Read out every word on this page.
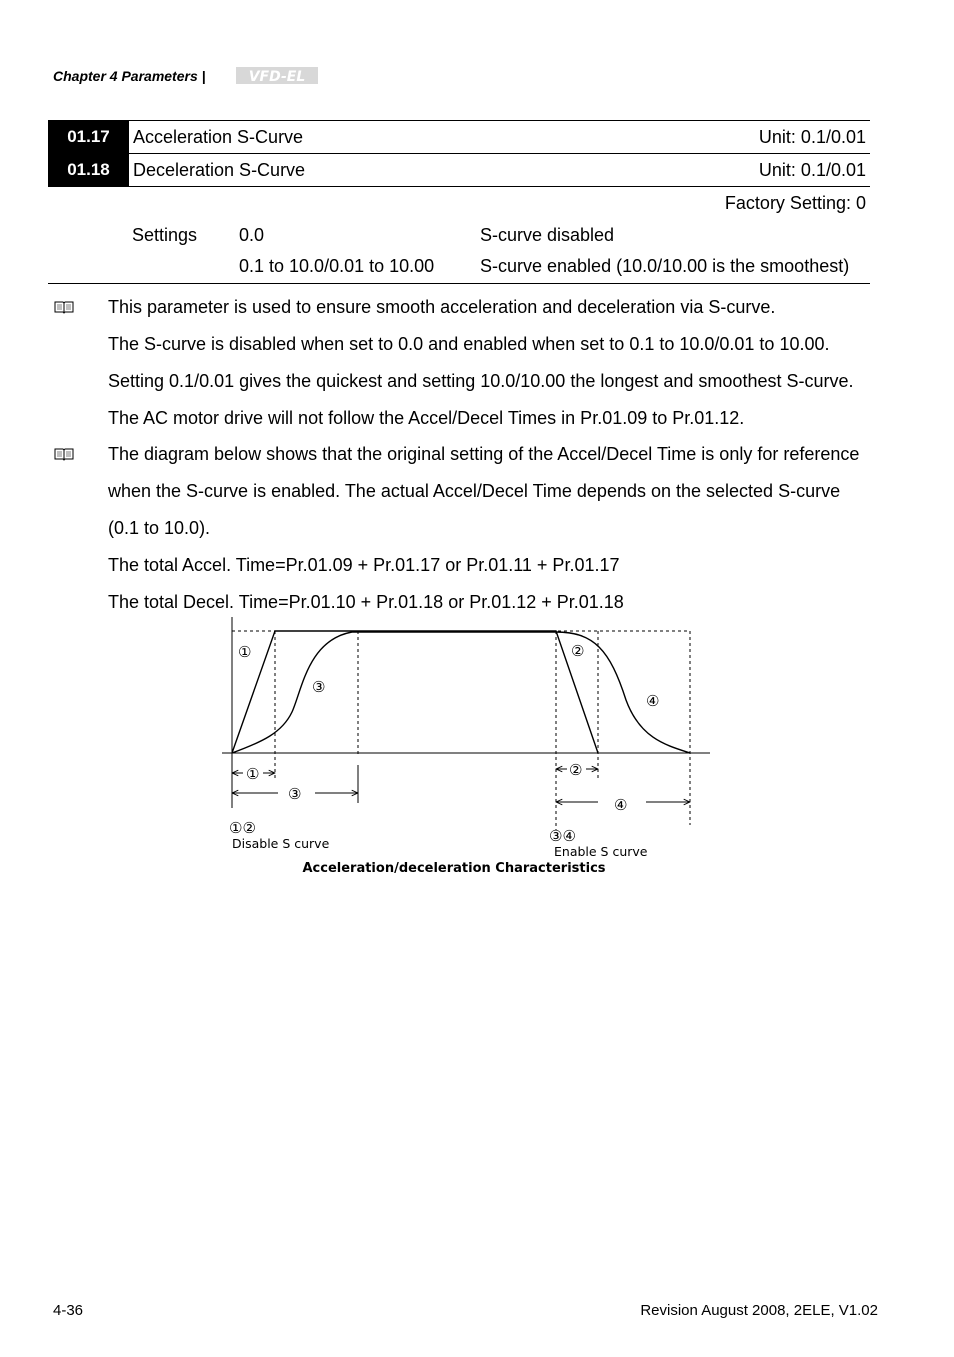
Chapter 4 Parameters |	VFD-EL
01.17 Acceleration S-Curve	Unit: 0.1/0.01
01.18 Deceleration S-Curve	Unit: 0.1/0.01
Factory Setting: 0
Settings 0.0	S-curve disabled
0.1 to 10.0/0.01 to 10.00	S-curve enabled (10.0/10.00 is the smoothest)
This parameter is used to ensure smooth acceleration and deceleration via S-curve.
The S-curve is disabled when set to 0.0 and enabled when set to 0.1 to 10.0/0.01 to 10.00.
Setting 0.1/0.01 gives the quickest and setting 10.0/10.00 the longest and smoothest S-curve.
The AC motor drive will not follow the Accel/Decel Times in Pr.01.09 to Pr.01.12.
The diagram below shows that the original setting of the Accel/Decel Time is only for reference
when the S-curve is enabled. The actual Accel/Decel Time depends on the selected S-curve
(0.1 to 10.0).
The total Accel. Time=Pr.01.09 + Pr.01.17 or Pr.01.11 + Pr.01.17
The total Decel. Time=Pr.01.10 + Pr.01.18 or Pr.01.12 + Pr.01.18
①
③
②
④
①
③
②
④
①②	③④
Disable S curve
Enable S curve
Acceleration/deceleration Characteristics
4-36	Revision August 2008, 2ELE, V1.02
